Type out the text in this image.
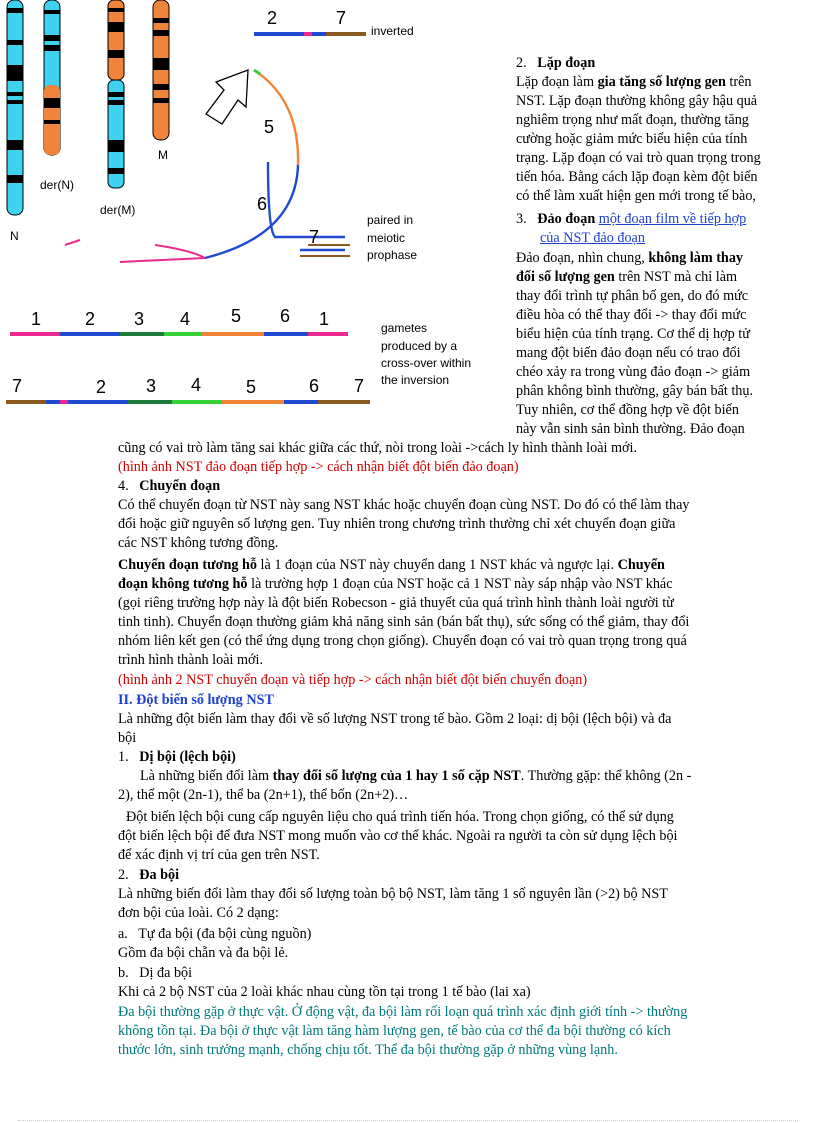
N
der(N)
der(M)
M
2	7
inverted
5
6
7
paired in
meiotic
prophase
1 2 3 4 5 6 1
7	2 3 4 5	6 7
gametes
produced by a
cross-over within
the inversion
2. Lặp đoạn
Lặp đoạn làm gia tăng số lượng gen trên
NST. Lặp đoạn thường không gây hậu quả
nghiêm trọng như mất đoạn, thường tăng
cường hoặc giảm mức biểu hiện của tính
trạng. Lặp đoạn có vai trò quan trọng trong
tiến hóa. Bằng cách lặp đoạn kèm đột biến
có thể làm xuất hiện gen mới trong tế bào,
3. Đảo đoạn một đoạn film về tiếp hợp
của NST đảo đoạn
Đảo đoạn, nhìn chung, không làm thay
đổi số lượng gen trên NST mà chỉ làm
thay đổi trình tự phân bố gen, do đó mức
điều hòa có thể thay đổi -> thay đổi mức
biểu hiện của tính trạng. Cơ thể dị hợp tử
mang đột biến đảo đoạn nếu có trao đổi
chéo xảy ra trong vùng đảo đoạn -> giảm
phân không bình thường, gây bán bất thụ.
Tuy nhiên, cơ thể đồng hợp về đột biến
này vẫn sinh sản bình thường. Đảo đoạn
cũng có vai trò làm tăng sai khác giữa các thứ, nòi trong loài ->cách ly hình thành loài mới.
(hình ảnh NST đảo đoạn tiếp hợp -> cách nhận biết đột biến đảo đoạn)
4. Chuyển đoạn
Có thể chuyển đoạn từ NST này sang NST khác hoặc chuyển đoạn cùng NST. Do đó có thể làm thay
đổi hoặc giữ nguyên số lượng gen. Tuy nhiên trong chương trình thường chỉ xét chuyển đoạn giữa
các NST không tương đồng.
Chuyển đoạn tương hỗ là 1 đoạn của NST này chuyển dang 1 NST khác và ngược lại. Chuyển
đoạn không tương hỗ là trường hợp 1 đoạn của NST hoặc cả 1 NST này sáp nhập vào NST khác
(gọi riêng trường hợp này là đột biến Robecson - giả thuyết của quá trình hình thành loài người từ
tinh tinh). Chuyển đoạn thường giảm khả năng sinh sản (bán bất thụ), sức sống có thể giảm, thay đổi
nhóm liên kết gen (có thể ứng dụng trong chọn giống). Chuyển đoạn có vai trò quan trọng trong quá
trình hình thành loài mới.
(hình ảnh 2 NST chuyển đoạn và tiếp hợp -> cách nhận biết đột biến chuyển đoạn)
II. Đột biến số lượng NST
Là những đột biến làm thay đổi về số lượng NST trong tế bào. Gồm 2 loại: dị bội (lệch bội) và đa
bội
1. Dị bội (lệch bội)
Là những biến đổi làm thay đổi số lượng của 1 hay 1 số cặp NST. Thường gặp: thể không (2n -
2), thể một (2n-1), thể ba (2n+1), thể bốn (2n+2)…
Đột biến lệch bội cung cấp nguyên liệu cho quá trình tiến hóa. Trong chọn giống, có thể sử dụng
đột biến lệch bội để đưa NST mong muốn vào cơ thể khác. Ngoài ra người ta còn sử dụng lệch bội
để xác định vị trí của gen trên NST.
2. Đa bội
Là những biến đổi làm thay đổi số lượng toàn bộ bộ NST, làm tăng 1 số nguyên lần (>2) bộ NST
đơn bội của loài. Có 2 dạng:
a.   Tự đa bội (đa bội cùng nguồn)
Gồm đa bội chẵn và đa bội lẻ.
b.   Dị đa bội
Khi cả 2 bộ NST của 2 loài khác nhau cùng tồn tại trong 1 tế bào (lai xa)
Đa bội thường gặp ở thực vật. Ở động vật, đa bội làm rối loạn quá trình xác định giới tính -> thường
không tồn tại. Đa bội ở thực vật làm tăng hàm lượng gen, tế bào của cơ thể đa bội thường có kích
thước lớn, sinh trưởng mạnh, chống chịu tốt. Thể đa bội thường gặp ở những vùng lạnh.
